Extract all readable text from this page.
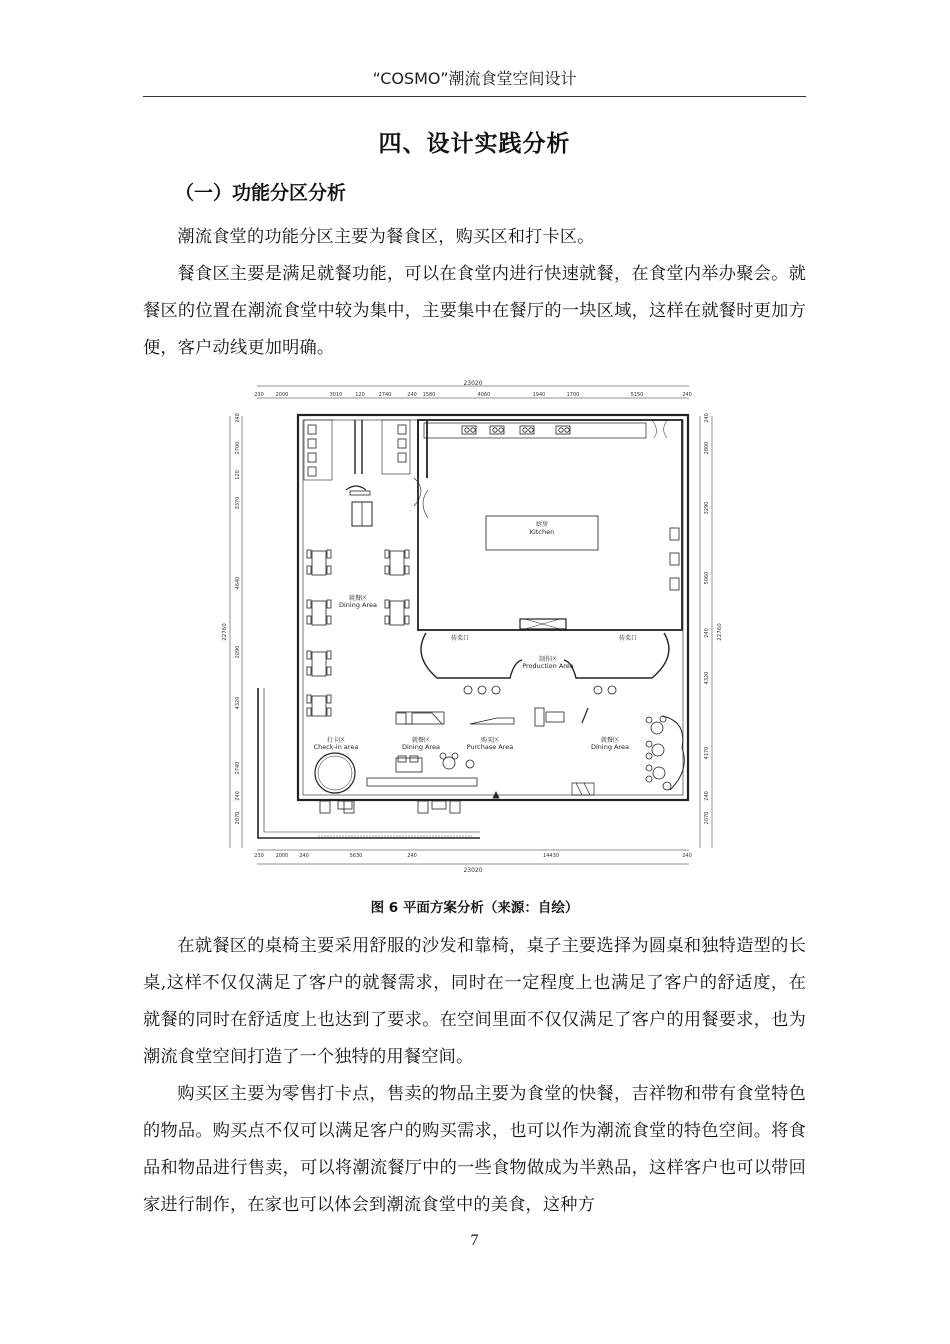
“COSMO”潮流食堂空间设计
四、设计实践分析
（一）功能分区分析

潮流食堂的功能分区主要为餐食区，购买区和打卡区。

餐食区主要是满足就餐功能，可以在食堂内进行快速就餐，在食堂内举办聚会。就餐区的位置在潮流食堂中较为集中，主要集中在餐厅的一块区域，这样在就餐时更加方便，客户动线更加明确。

23020
230 2000	3010	120	2740	240 1580	4060	1940	1700	5150	240
22760
240
2700
120
3370
4640
2090
4320
2740
240
2070
22760
240
2800
3290
5060
240
4320
4170
240
2070
230 2000 240	5630	240	14430	240
23020
厨房
Kitchen
传菜口	传菜口
制作区
Production Area
就餐区
Dining Area
打卡区
Check-in area
就餐区
Dining Area
购买区
Purchase Area
就餐区
Dining Area
图 6 平面方案分析（来源：自绘）

在就餐区的桌椅主要采用舒服的沙发和靠椅，桌子主要选择为圆桌和独特造型的长桌,这样不仅仅满足了客户的就餐需求，同时在一定程度上也满足了客户的舒适度，在就餐的同时在舒适度上也达到了要求。在空间里面不仅仅满足了客户的用餐要求，也为潮流食堂空间打造了一个独特的用餐空间。

购买区主要为零售打卡点，售卖的物品主要为食堂的快餐，吉祥物和带有食堂特色的物品。购买点不仅可以满足客户的购买需求，也可以作为潮流食堂的特色空间。将食品和物品进行售卖，可以将潮流餐厅中的一些食物做成为半熟品，这样客户也可以带回家进行制作，在家也可以体会到潮流食堂中的美食，这种方

7
